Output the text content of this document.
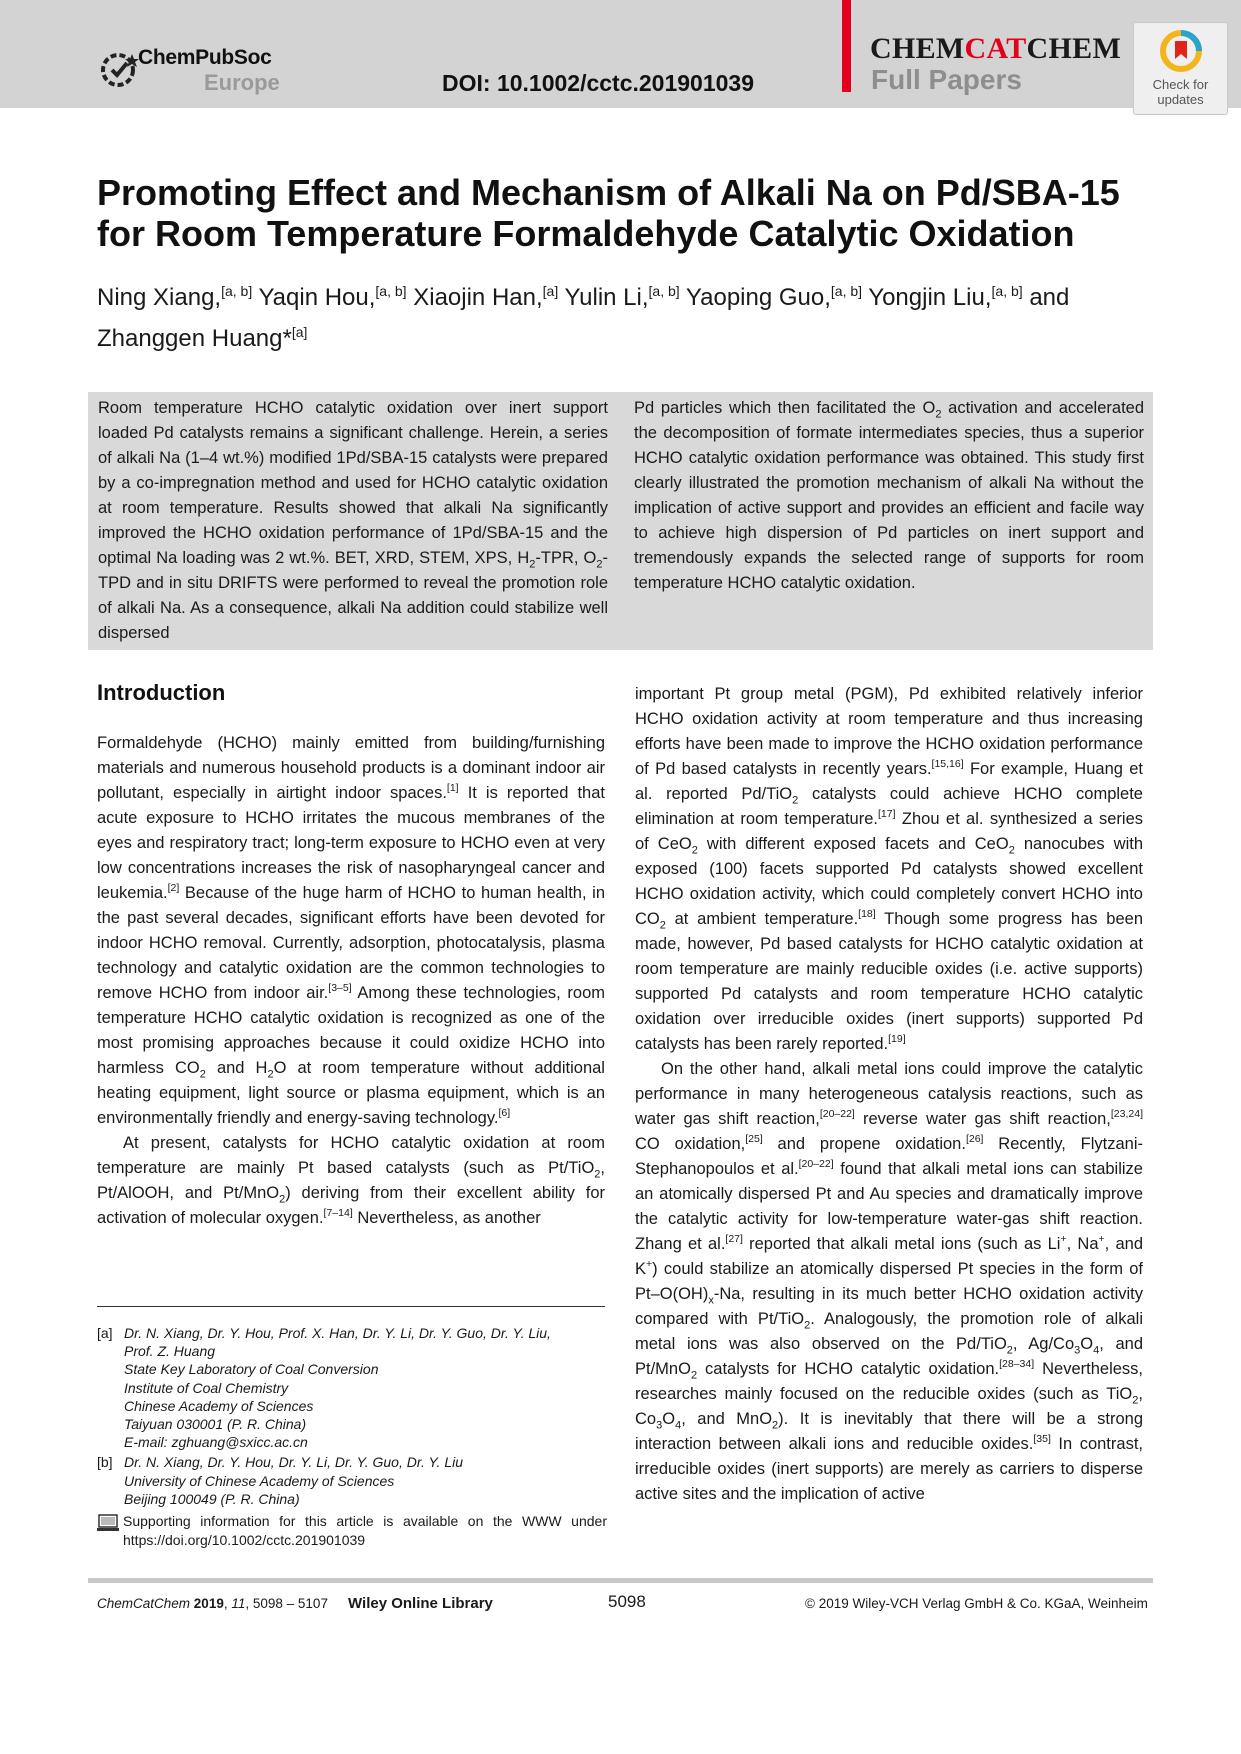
ChemPubSoc
Europe	DOI: 10.1002/cctc.201901039
CHEMCATCHEM
Full Papers	Check for
updates
Promoting Effect and Mechanism of Alkali Na on Pd/SBA-15
for Room Temperature Formaldehyde Catalytic Oxidation

Ning Xiang,[a, b] Yaqin Hou,[a, b] Xiaojin Han,[a] Yulin Li,[a, b] Yaoping Guo,[a, b] Yongjin Liu,[a, b] and
Zhanggen Huang*[a]

Room temperature HCHO catalytic oxidation over inert support loaded Pd catalysts remains a significant challenge. Herein, a series of alkali Na (1–4 wt.%) modified 1Pd/SBA-15 catalysts were prepared by a co-impregnation method and used for HCHO catalytic oxidation at room temperature. Results showed that alkali Na significantly improved the HCHO oxidation performance of 1Pd/SBA-15 and the optimal Na loading was 2 wt.%. BET, XRD, STEM, XPS, $H_2$-TPR, $O_2$-TPD and in situ DRIFTS were performed to reveal the promotion role of alkali Na. As a consequence, alkali Na addition could stabilize well dispersed

Pd particles which then facilitated the $O_2$ activation and accelerated the decomposition of formate intermediates species, thus a superior HCHO catalytic oxidation performance was obtained. This study first clearly illustrated the promotion mechanism of alkali Na without the implication of active support and provides an efficient and facile way to achieve high dispersion of Pd particles on inert support and tremendously expands the selected range of supports for room temperature HCHO catalytic oxidation.

Introduction

Formaldehyde (HCHO) mainly emitted from building/furnishing materials and numerous household products is a dominant indoor air pollutant, especially in airtight indoor spaces.[1] It is reported that acute exposure to HCHO irritates the mucous membranes of the eyes and respiratory tract; long-term exposure to HCHO even at very low concentrations increases the risk of nasopharyngeal cancer and leukemia.[2] Because of the huge harm of HCHO to human health, in the past several decades, significant efforts have been devoted for indoor HCHO removal. Currently, adsorption, photocatalysis, plasma technology and catalytic oxidation are the common technologies to remove HCHO from indoor air.[3–5] Among these technologies, room temperature HCHO catalytic oxidation is recognized as one of the most promising approaches because it could oxidize HCHO into harmless $CO_2$ and $H_2O$ at room temperature without additional heating equipment, light source or plasma equipment, which is an environmentally friendly and energy-saving technology.[6]

At present, catalysts for HCHO catalytic oxidation at room temperature are mainly Pt based catalysts (such as Pt/TiO$_2$, Pt/AlOOH, and Pt/MnO$_2$) deriving from their excellent ability for activation of molecular oxygen.[7–14] Nevertheless, as another

important Pt group metal (PGM), Pd exhibited relatively inferior HCHO oxidation activity at room temperature and thus increasing efforts have been made to improve the HCHO oxidation performance of Pd based catalysts in recently years.[15,16] For example, Huang et al. reported Pd/TiO$_2$ catalysts could achieve HCHO complete elimination at room temperature.[17] Zhou et al. synthesized a series of CeO$_2$ with different exposed facets and CeO$_2$ nanocubes with exposed (100) facets supported Pd catalysts showed excellent HCHO oxidation activity, which could completely convert HCHO into $CO_2$ at ambient temperature.[18] Though some progress has been made, however, Pd based catalysts for HCHO catalytic oxidation at room temperature are mainly reducible oxides (i.e. active supports) supported Pd catalysts and room temperature HCHO catalytic oxidation over irreducible oxides (inert supports) supported Pd catalysts has been rarely reported.[19]

On the other hand, alkali metal ions could improve the catalytic performance in many heterogeneous catalysis reactions, such as water gas shift reaction,[20–22] reverse water gas shift reaction,[23,24] CO oxidation,[25] and propene oxidation.[26] Recently, Flytzani-Stephanopoulos et al.[20–22] found that alkali metal ions can stabilize an atomically dispersed Pt and Au species and dramatically improve the catalytic activity for low-temperature water-gas shift reaction. Zhang et al.[27] reported that alkali metal ions (such as Li+, Na+, and K+) could stabilize an atomically dispersed Pt species in the form of $Pt-O(OH)_x-Na$, resulting in its much better HCHO oxidation activity compared with Pt/TiO$_2$. Analogously, the promotion role of alkali metal ions was also observed on the Pd/TiO$_2$, $Ag/Co_3O_4$, and Pt/MnO$_2$ catalysts for HCHO catalytic oxidation.[28–34] Nevertheless, researches mainly focused on the reducible oxides (such as TiO$_2$, $Co_3O_4$, and MnO$_2$). It is inevitably that there will be a strong interaction between alkali ions and reducible oxides.[35] In contrast, irreducible oxides (inert supports) are merely as carriers to disperse active sites and the implication of active

[a] Dr. N. Xiang, Dr. Y. Hou, Prof. X. Han, Dr. Y. Li, Dr. Y. Guo, Dr. Y. Liu,
Prof. Z. Huang
State Key Laboratory of Coal Conversion
Institute of Coal Chemistry
Chinese Academy of Sciences
Taiyuan 030001 (P. R. China)
E-mail: zghuang@sxicc.ac.cn
[b] Dr. N. Xiang, Dr. Y. Hou, Dr. Y. Li, Dr. Y. Guo, Dr. Y. Liu
University of Chinese Academy of Sciences
Beijing 100049 (P. R. China)
Supporting information for this article is available on the WWW under https://doi.org/10.1002/cctc.201901039
ChemCatChem 2019, 11, 5098 – 5107 Wiley Online Library	5098	© 2019 Wiley-VCH Verlag GmbH & Co. KGaA, Weinheim
